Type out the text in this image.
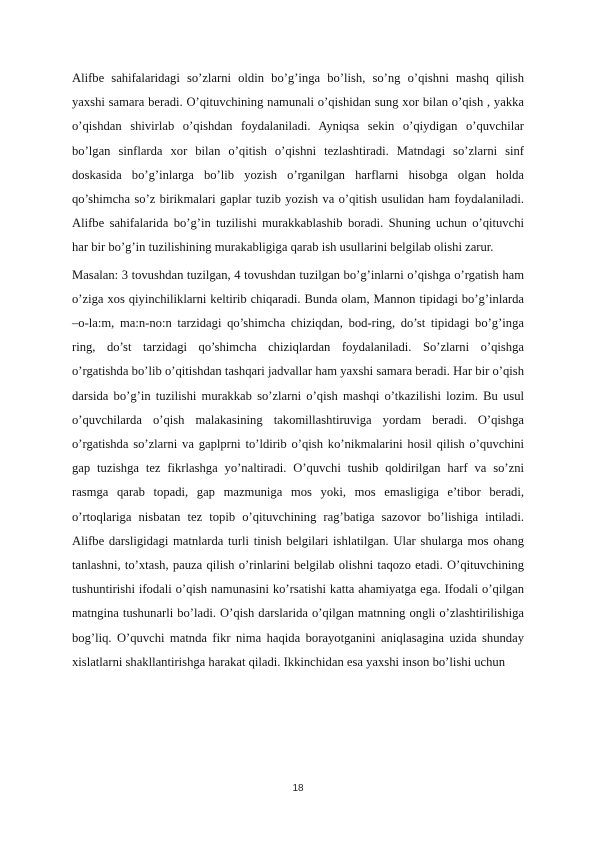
Alifbe sahifalaridagi so’zlarni oldin bo’g’inga bo’lish, so’ng o’qishni mashq qilish yaxshi samara beradi. O’qituvchining namunali o’qishidan sung xor bilan o’qish , yakka o’qishdan shivirlab o’qishdan foydalaniladi. Ayniqsa sekin o’qiydigan o’quvchilar bo’lgan sinflarda xor bilan o’qitish o’qishni tezlashtiradi. Matndagi so’zlarni sinf doskasida bo’g’inlarga bo’lib yozish o’rganilgan harflarni hisobga olgan holda qo’shimcha so’z birikmalari gaplar tuzib yozish va o’qitish usulidan ham foydalaniladi. Alifbe sahifalarida bo’g’in tuzilishi murakkablashib boradi. Shuning uchun o’qituvchi har bir bo’g’in tuzilishining murakabligiga qarab ish usullarini belgilab olishi zarur.

Masalan: 3 tovushdan tuzilgan, 4 tovushdan tuzilgan bo’g’inlarni o’qishga o’rgatish ham o’ziga xos qiyinchiliklarni keltirib chiqaradi. Bunda olam, Mannon tipidagi bo’g’inlarda –o-la:m, ma:n-no:n tarzidagi qo’shimcha chiziqdan, bod-ring, do’st tipidagi bo’g’inga ring, do’st tarzidagi qo’shimcha chiziqlardan foydalaniladi. So’zlarni o’qishga o’rgatishda bo’lib o’qitishdan tashqari jadvallar ham yaxshi samara beradi. Har bir o’qish darsida bo’g’in tuzilishi murakkab so’zlarni o’qish mashqi o’tkazilishi lozim. Bu usul o’quvchilarda o’qish malakasining takomillashtiruviga yordam beradi. O’qishga o’rgatishda so’zlarni va gaplprni to’ldirib o’qish ko’nikmalarini hosil qilish o’quvchini gap tuzishga tez fikrlashga yo’naltiradi. O’quvchi tushib qoldirilgan harf va so’zni rasmga qarab topadi, gap mazmuniga mos yoki, mos emasligiga e’tibor beradi, o’rtoqlariga nisbatan tez topib o’qituvchining rag’batiga sazovor bo’lishiga intiladi. Alifbe darsligidagi matnlarda turli tinish belgilari ishlatilgan. Ular shularga mos ohang tanlashni, to’xtash, pauza qilish o’rinlarini belgilab olishni taqozo etadi. O’qituvchining tushuntirishi ifodali o’qish namunasini ko’rsatishi katta ahamiyatga ega. Ifodali o’qilgan matngina tushunarli bo’ladi. O’qish darslarida o’qilgan matnning ongli o’zlashtirilishiga bog’liq. O’quvchi matnda fikr nima haqida borayotganini aniqlasagina uzida shunday xislatlarni shakllantirishga harakat qiladi. Ikkinchidan esa yaxshi inson bo’lishi uchun

18
